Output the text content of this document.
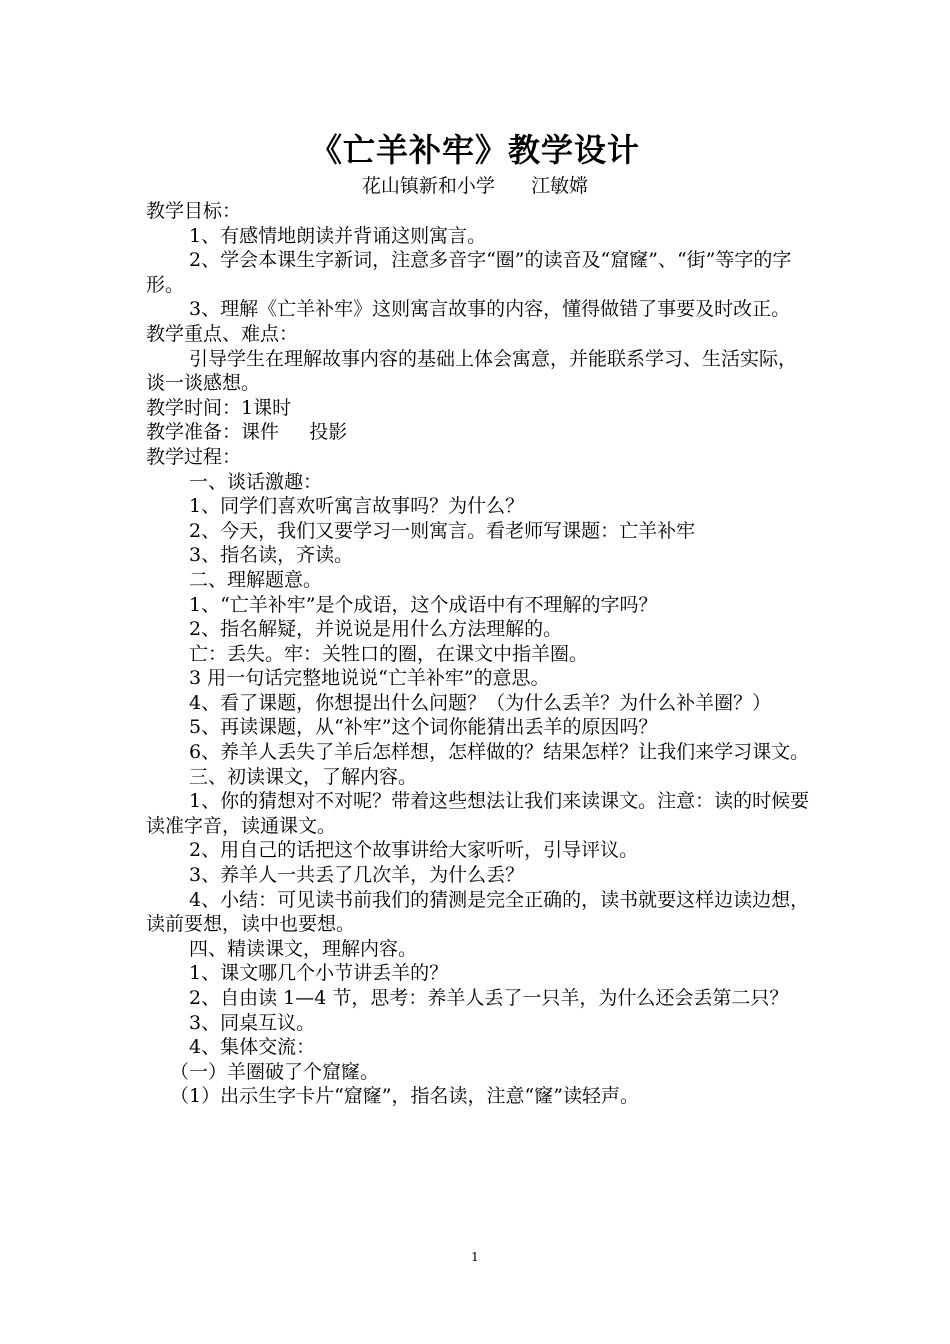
《亡羊补牢》教学设计
花山镇新和小学      江敏嫦
教学目标：
1、有感情地朗读并背诵这则寓言。
2、学会本课生字新词，注意多音字“圈”的读音及“窟窿”、“街”等字的字形。
3、理解《亡羊补牢》这则寓言故事的内容，懂得做错了事要及时改正。
教学重点、难点：
引导学生在理解故事内容的基础上体会寓意，并能联系学习、生活实际，谈一谈感想。
教学时间：1课时
教学准备：课件     投影
教学过程：
一、谈话激趣：
1、同学们喜欢听寓言故事吗？为什么？
2、今天，我们又要学习一则寓言。看老师写课题：亡羊补牢
3、指名读，齐读。
二、理解题意。
1、“亡羊补牢”是个成语，这个成语中有不理解的字吗？
2、指名解疑，并说说是用什么方法理解的。
亡：丢失。牢：关牲口的圈，在课文中指羊圈。
3 用一句话完整地说说“亡羊补牢”的意思。
4、看了课题，你想提出什么问题？（为什么丢羊？为什么补羊圈？）
5、再读课题，从“补牢”这个词你能猜出丢羊的原因吗？
6、养羊人丢失了羊后怎样想，怎样做的？结果怎样？让我们来学习课文。
三、初读课文，了解内容。
1、你的猜想对不对呢？带着这些想法让我们来读课文。注意：读的时候要读准字音，读通课文。
2、用自己的话把这个故事讲给大家听听，引导评议。
3、养羊人一共丢了几次羊，为什么丢？
4、小结：可见读书前我们的猜测是完全正确的，读书就要这样边读边想，读前要想，读中也要想。
四、精读课文，理解内容。
1、课文哪几个小节讲丢羊的？
2、自由读 1—4 节，思考：养羊人丢了一只羊，为什么还会丢第二只？
3、同桌互议。
4、集体交流：
（一）羊圈破了个窟窿。
（1）出示生字卡片“窟窿”，指名读，注意“窿”读轻声。
1
